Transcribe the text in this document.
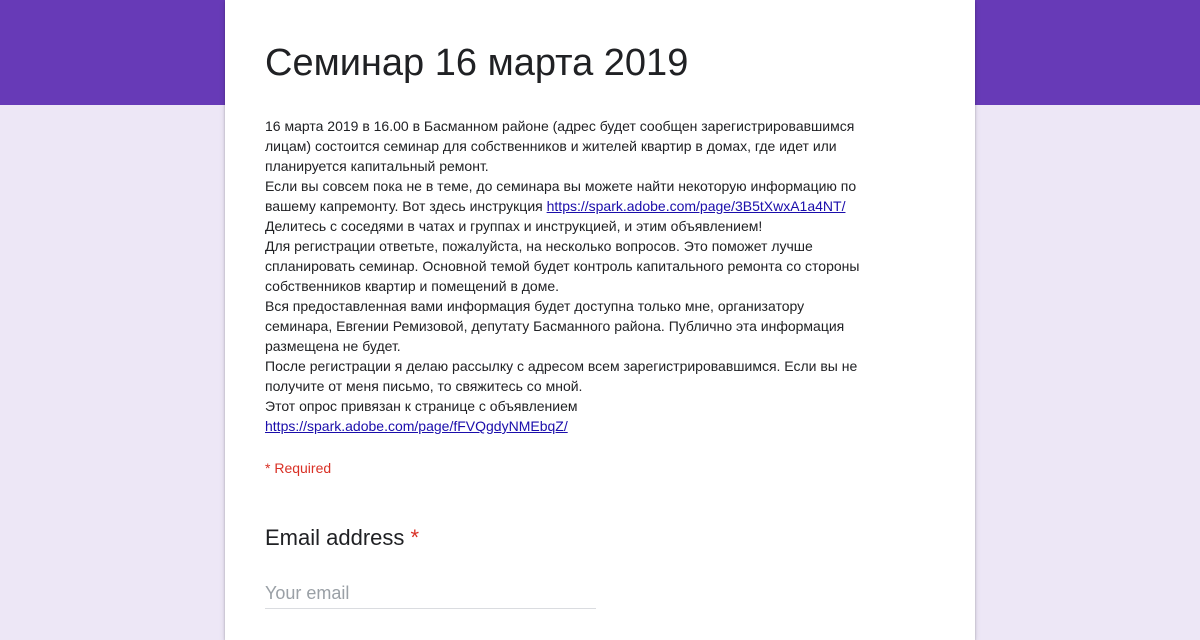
Семинар 16 марта 2019
16 марта 2019 в 16.00 в Басманном районе (адрес будет сообщен зарегистрировавшимся
лицам) состоится семинар для собственников и жителей квартир в домах, где идет или
планируется капитальный ремонт.
Если вы совсем пока не в теме, до семинара вы можете найти некоторую информацию по
вашему капремонту. Вот здесь инструкция https://spark.adobe.com/page/3B5tXwxA1a4NT/
Делитесь с соседями в чатах и группах и инструкцией, и этим объявлением!
Для регистрации ответьте, пожалуйста, на несколько вопросов. Это поможет лучше
спланировать семинар. Основной темой будет контроль капитального ремонта со стороны
собственников квартир и помещений в доме.
Вся предоставленная вами информация будет доступна только мне, организатору
семинара, Евгении Ремизовой, депутату Басманного района. Публично эта информация
размещена не будет.
После регистрации я делаю рассылку с адресом всем зарегистрировавшимся. Если вы не
получите от меня письмо, то свяжитесь со мной.
Этот опрос привязан к странице с объявлением
https://spark.adobe.com/page/fFVQgdyNMEbqZ/
* Required
Email address *
Your email
